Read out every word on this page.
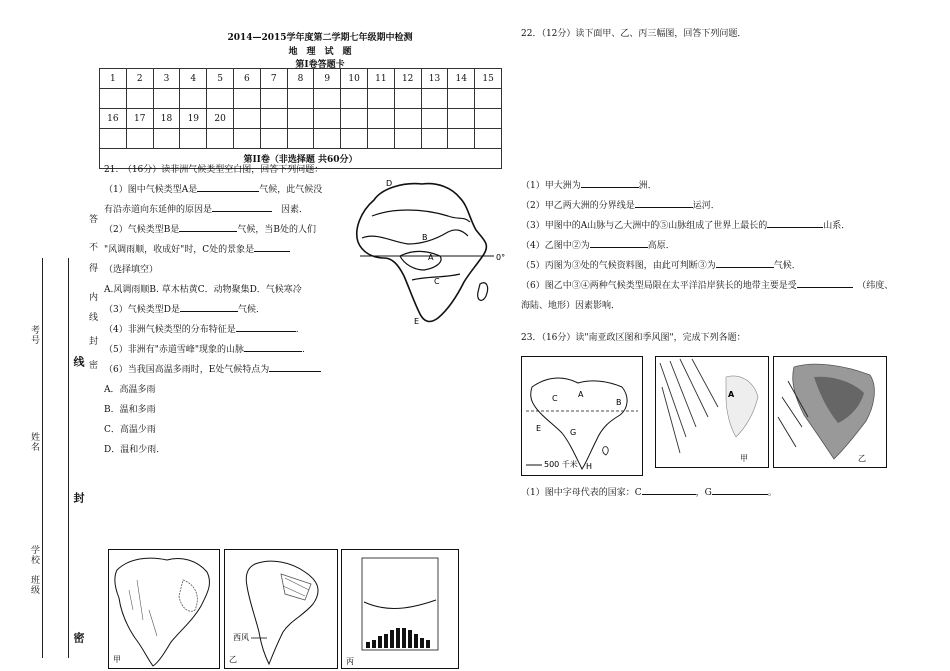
考号
姓名
学校　班级
答
不
得
内
线
封
密
线
封
密
2014—2015学年度第二学期七年级期中检测
地　理　试　题
第Ⅰ卷答题卡
1	2	3	4	5	6	7	8	9	10	11	12	13	14	15

16	17	18	19	20										

第II卷（非选择题 共60分）														
21.　（16分）读非洲气候类型空白图，回答下列问题：
（1）图中气候类型A是	气候，此气候没
有沿赤道向东延伸的原因是　	因素．
（2）气候类型B是	气候，当B处的人们
"风调雨顺，收成好"时，C处的景象是
（选择填空）
A.风调雨顺B. 草木枯黄C．动物聚集D．气候寒冷
（3）气候类型D是	气候．
（4）非洲气候类型的分布特征是	.
（5）非洲有"赤道雪峰"现象的山脉	.
（6）当我国高温多雨时，E处气候特点为
A．高温多雨
B．温和多雨
C．高温少雨
D．温和少雨．
D
B
A
C
E
0°
甲
西风
乙	丙
22．（12分）读下面甲、乙、丙三幅图，回答下列问题．
（1）甲大洲为	洲．
（2）甲乙两大洲的分界线是	运河．
（3）甲图中的A山脉与乙大洲中的⑤山脉组成了世界上最长的	山系．
（4）乙图中②为	高原．
（5）丙图为③处的气候资料图，由此可判断③为	气候．
（6）图乙中③④两种气候类型局限在太平洋沿岸狭长的地带主要是受　	（纬度、
海陆、地形）因素影响．
23．（16分）读"南亚政区图和季风图"，完成下列各题：
A
B
C
E	G
H
500 千米
A
甲	乙
（1）图中字母代表的国家：C	，G	。
